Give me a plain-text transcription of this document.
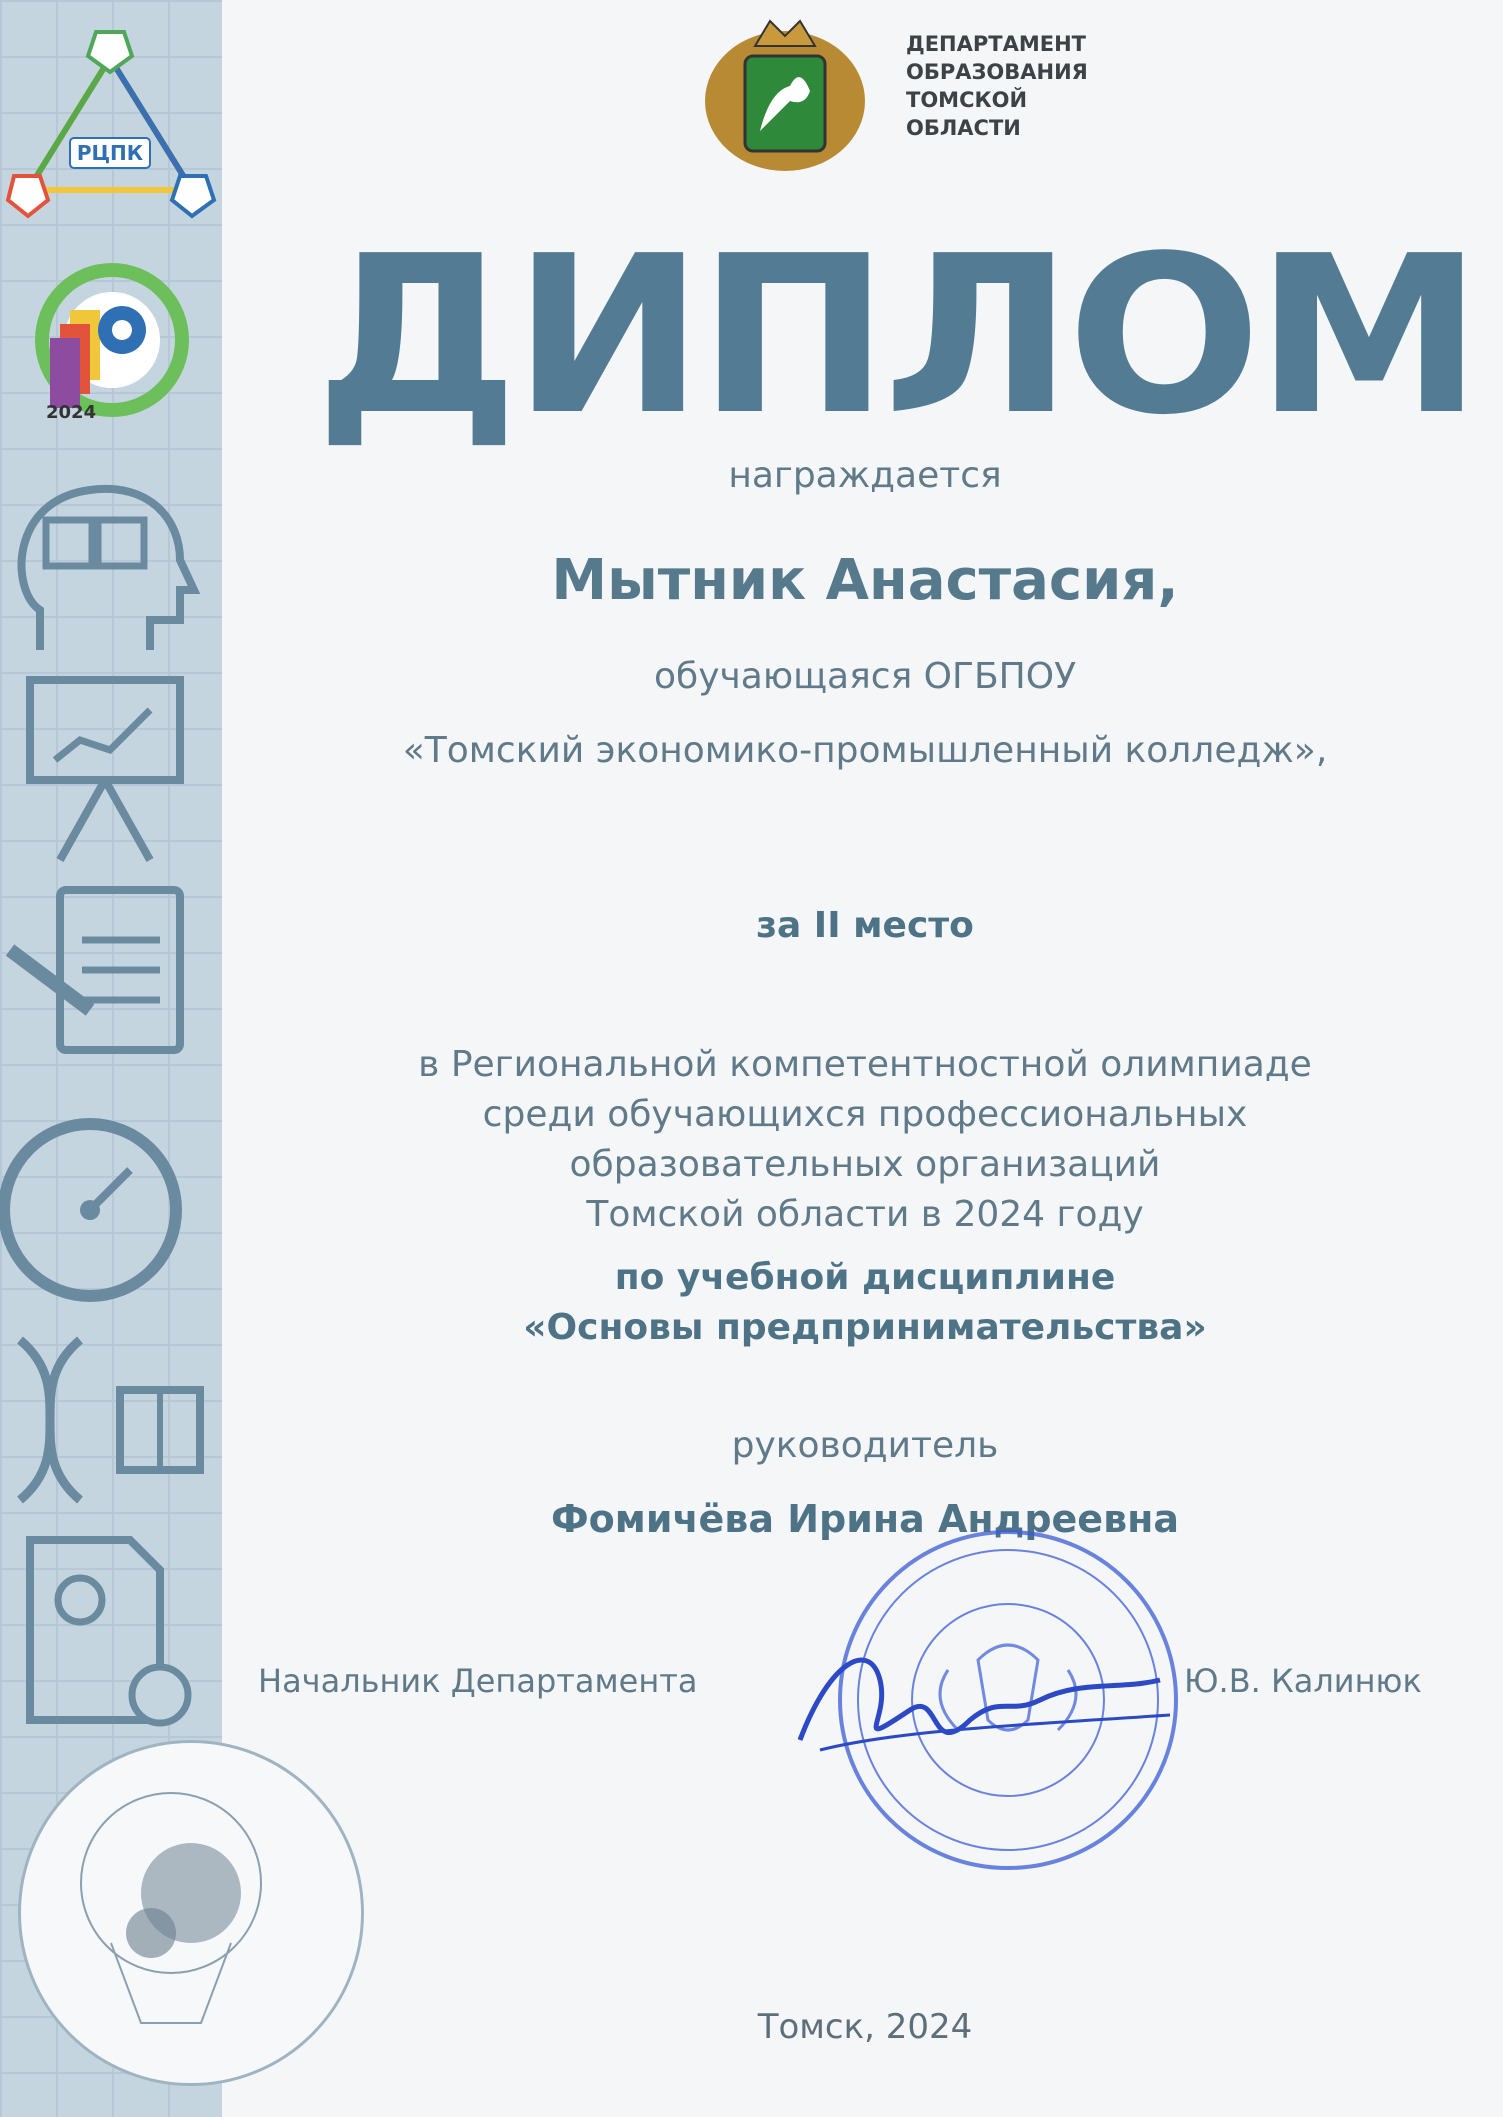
РЦПК
2024
ДЕПАРТАМЕНТ
ОБРАЗОВАНИЯ
ТОМСКОЙ
ОБЛАСТИ
ДИПЛОМ
награждается
Мытник Анастасия,
обучающаяся ОГБПОУ
«Томский экономико-промышленный колледж»,
за II место
в Региональной компетентностной олимпиаде
среди обучающихся профессиональных
образовательных организаций
Томской области в 2024 году
по учебной дисциплине
«Основы предпринимательства»
руководитель
Фомичёва Ирина Андреевна
Начальник Департамента	Ю.В. Калинюк
Томск, 2024
